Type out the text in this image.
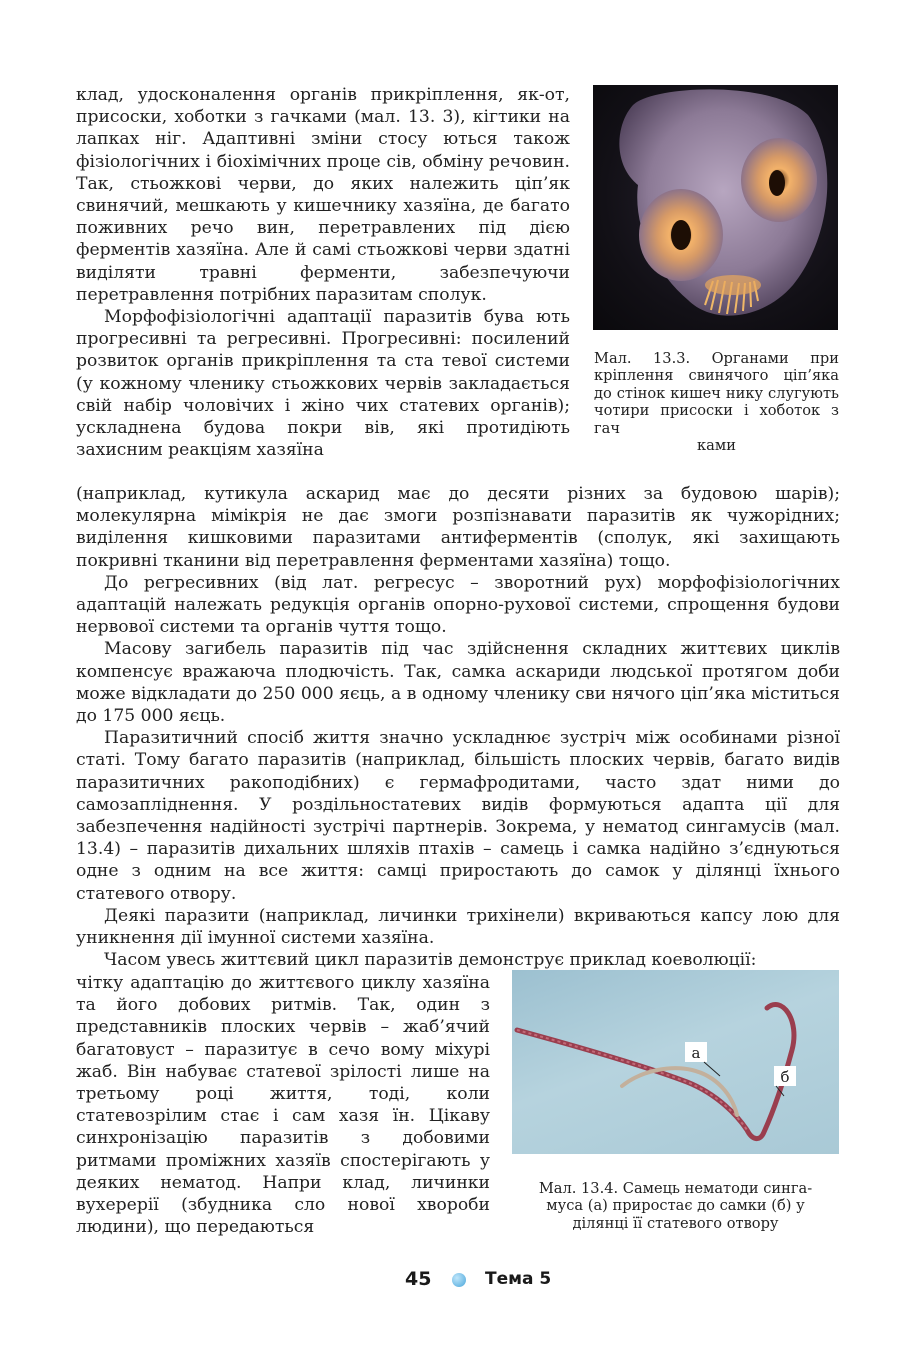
клад, удосконалення органів прикріплення, як-от, присоски, хоботки з гачками (мал. 13. 3), кігтики на лапках ніг. Адаптивні зміни стосу ються також фізіологічних і біохімічних проце сів, обміну речовин. Так, стьожкові черви, до яких належить ціп’як свинячий, мешкають у кишечнику хазяїна, де багато поживних речо вин, перетравлених під дією ферментів хазяїна. Але й самі стьожкові черви здатні виділяти травні ферменти, забезпечуючи перетравлення потрібних паразитам сполук.

Морфофізіологічні адаптації паразитів бува ють прогресивні та регресивні. Прогресивні: посилений розвиток органів прикріплення та ста тевої системи (у кожному членику стьожкових червів закладається свій набір чоловічих і жіно чих статевих органів); ускладнена будова покри вів, які протидіють захисним реакціям хазяїна

Мал. 13.3. Органами при кріплення свинячого ціп’яка до стінок кишеч нику слугують чотири присоски і хоботок з гач
ками

(наприклад, кутикула аскарид має до десяти різних за будовою шарів); молекулярна мімікрія не дає змоги розпізнавати паразитів як чужорідних; виділення кишковими паразитами антиферментів (сполук, які захищають покривні тканини від перетравлення ферментами хазяїна) тощо.

До регресивних (від лат. регресус – зворотний рух) морфофізіологічних адаптацій належать редукція органів опорно-рухової системи, спрощення будови нервової системи та органів чуття тощо.

Масову загибель паразитів під час здійснення складних життєвих циклів компенсує вражаюча плодючість. Так, самка аскариди людської протягом доби може відкладати до 250 000 яєць, а в одному членику сви нячого ціп’яка міститься до 175 000 яєць.

Паразитичний спосіб життя значно ускладнює зустріч між особинами різної статі. Тому багато паразитів (наприклад, більшість плоских червів, багато видів паразитичних ракоподібних) є гермафродитами, часто здат ними до самозапліднення. У роздільностатевих видів формуються адапта ції для забезпечення надійності зустрічі партнерів. Зокрема, у нематод сингамусів (мал. 13.4) – паразитів дихальних шляхів птахів – самець і самка надійно з’єднуються одне з одним на все життя: самці приростають до самок у ділянці їхнього статевого отвору.

Деякі паразити (наприклад, личинки трихінели) вкриваються капсу лою для уникнення дії імунної системи хазяїна.

Часом увесь життєвий цикл паразитів демонструє приклад коеволюції:

чітку адаптацію до життєвого циклу хазяїна та його добових ритмів. Так, один з представників плоских червів – жаб’ячий багатовуст – паразитує в сечо вому міхурі жаб. Він набуває статевої зрілості лише на третьому році життя, тоді, коли статевозрілим стає і сам хазя їн. Цікаву синхронізацію паразитів з добовими ритмами проміжних хазяїв спостерігають у деяких нематод. Напри клад, личинки вухерерії (збудника сло нової хвороби людини), що передаються

а
б
Мал. 13.4. Самець нематоди синга-
муса (а) приростає до самки (б) у
ділянці її статевого отвору
45	Тема 5
